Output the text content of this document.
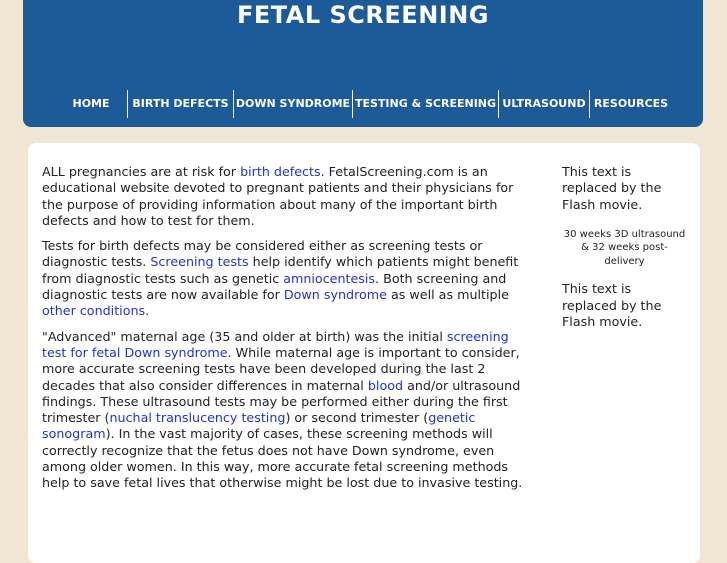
FETAL SCREENING
HOME	BIRTH DEFECTS DOWN SYNDROME TESTING & SCREENING ULTRASOUND RESOURCES

ALL pregnancies are at risk for birth defects. FetalScreening.com is an educational website devoted to pregnant patients and their physicians for the purpose of providing information about many of the important birth defects and how to test for them.

Tests for birth defects may be considered either as screening tests or diagnostic tests. Screening tests help identify which patients might benefit from diagnostic tests such as genetic amniocentesis. Both screening and diagnostic tests are now available for Down syndrome as well as multiple other conditions.

"Advanced" maternal age (35 and older at birth) was the initial screening test for fetal Down syndrome. While maternal age is important to consider, more accurate screening tests have been developed during the last 2 decades that also consider differences in maternal blood and/or ultrasound findings. These ultrasound tests may be performed either during the first trimester (nuchal translucency testing) or second trimester (genetic sonogram). In the vast majority of cases, these screening methods will correctly recognize that the fetus does not have Down syndrome, even among older women. In this way, more accurate fetal screening methods help to save fetal lives that otherwise might be lost due to invasive testing.

This text is replaced by the Flash movie.

30 weeks 3D ultrasound & 32 weeks post-delivery

This text is replaced by the Flash movie.
